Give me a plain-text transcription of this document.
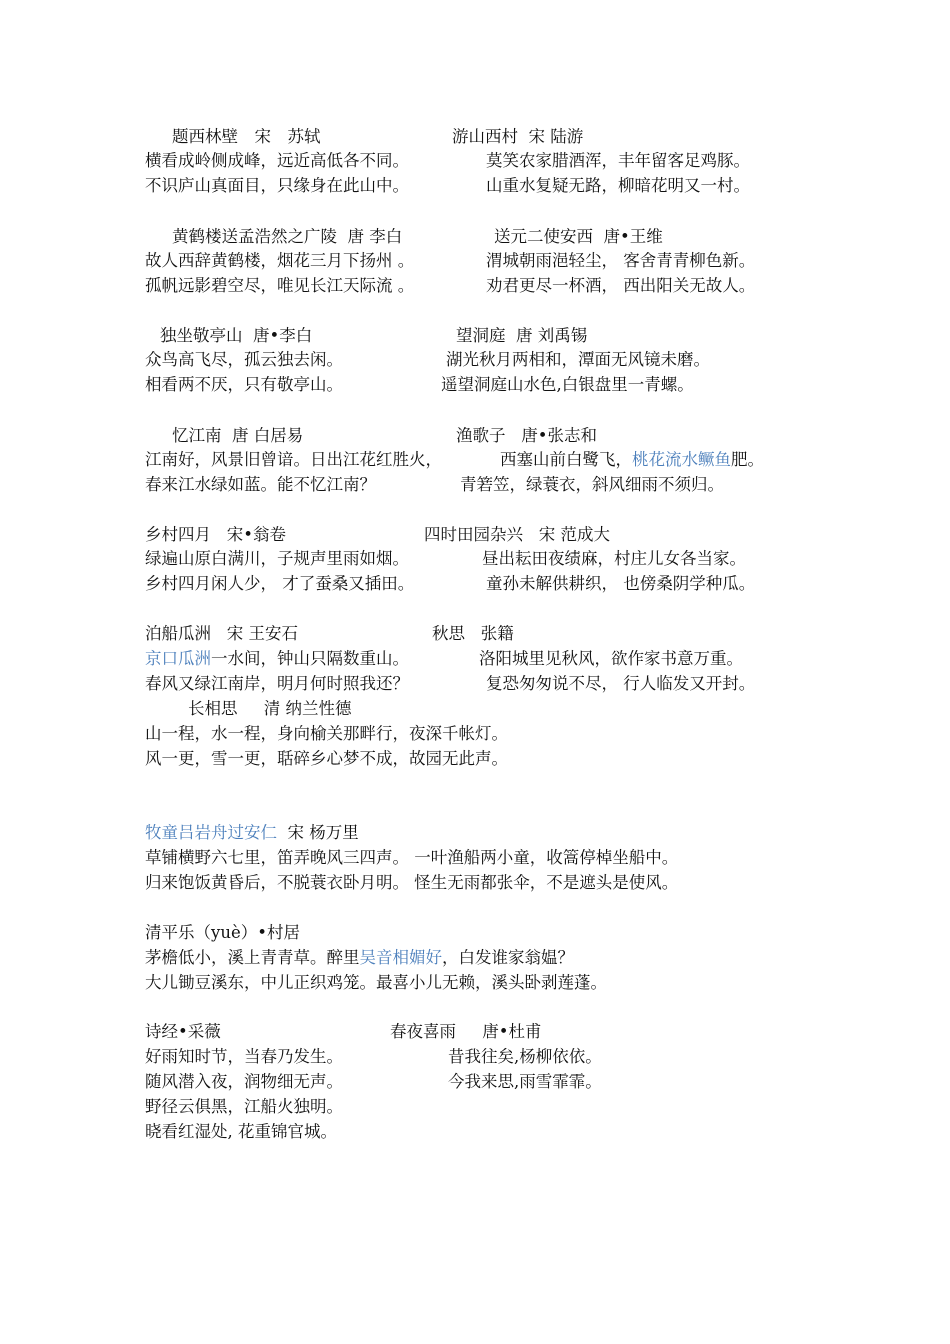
题西林壁　宋　苏轼	游山西村  宋 陆游
横看成岭侧成峰，远近高低各不同。	莫笑农家腊酒浑，丰年留客足鸡豚。
不识庐山真面目，只缘身在此山中。	山重水复疑无路，柳暗花明又一村。
黄鹤楼送孟浩然之广陵  唐 李白	送元二使安西  唐•王维
故人西辞黄鹤楼，烟花三月下扬州 。	渭城朝雨浥轻尘， 客舍青青柳色新。
孤帆远影碧空尽，唯见长江天际流 。	劝君更尽一杯酒， 西出阳关无故人。
独坐敬亭山  唐•李白	望洞庭  唐 刘禹锡
众鸟高飞尽，孤云独去闲。	湖光秋月两相和，潭面无风镜未磨。
相看两不厌，只有敬亭山。	遥望洞庭山水色,白银盘里一青螺。
忆江南  唐 白居易	渔歌子   唐•张志和
江南好，风景旧曾谙。日出江花红胜火，	西塞山前白鹭飞，桃花流水鳜鱼肥。
春来江水绿如蓝。能不忆江南？	青箬笠，绿蓑衣，斜风细雨不须归。
乡村四月   宋•翁卷	四时田园杂兴   宋 范成大
绿遍山原白满川，子规声里雨如烟。	昼出耘田夜绩麻，村庄儿女各当家。
乡村四月闲人少， 才了蚕桑又插田。	童孙未解供耕织， 也傍桑阴学种瓜。
泊船瓜洲   宋 王安石	秋思   张籍
京口瓜洲一水间，钟山只隔数重山。	洛阳城里见秋风，欲作家书意万重。
春风又绿江南岸，明月何时照我还？	复恐匆匆说不尽， 行人临发又开封。
长相思     清 纳兰性德
山一程，水一程，身向榆关那畔行，夜深千帐灯。
风一更，雪一更，聒碎乡心梦不成，故园无此声。
牧童吕岩舟过安仁  宋 杨万里
草铺横野六七里，笛弄晚风三四声。 一叶渔船两小童，收篙停棹坐船中。
归来饱饭黄昏后，不脱蓑衣卧月明。 怪生无雨都张伞，不是遮头是使风。
清平乐（yuè）•村居
茅檐低小，溪上青青草。醉里吴音相媚好，白发谁家翁媪？
大儿锄豆溪东，中儿正织鸡笼。最喜小儿无赖，溪头卧剥莲蓬。
诗经•采薇	春夜喜雨     唐•杜甫
好雨知时节，当春乃发生。	昔我往矣,杨柳依依。
随风潜入夜，润物细无声。	今我来思,雨雪霏霏。
野径云俱黑，江船火独明。
晓看红湿处, 花重锦官城。
